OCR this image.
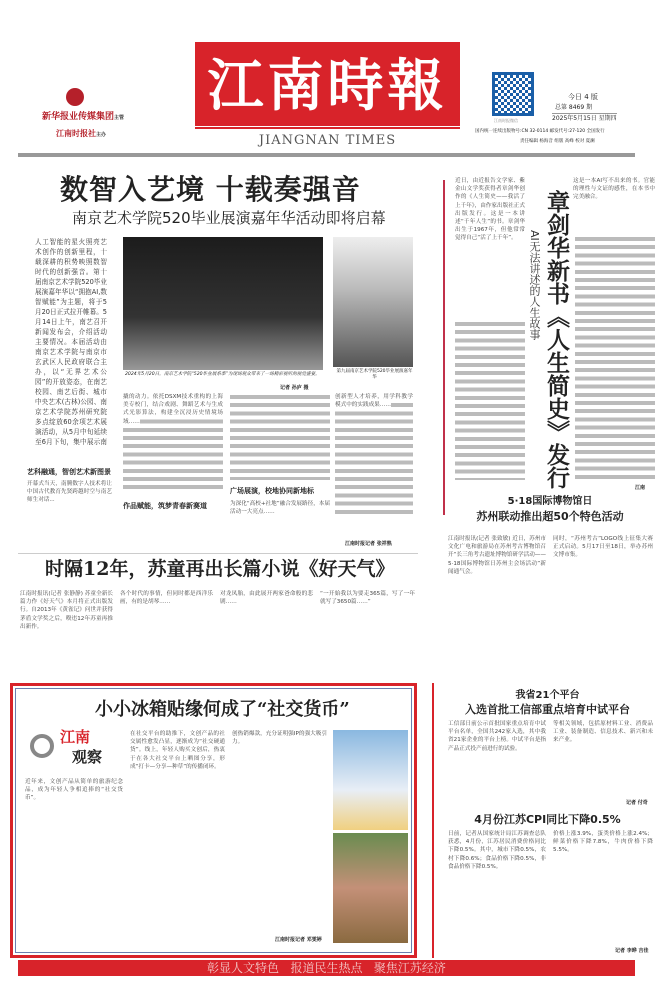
新华报业传媒集团主管
江南时报社主办
江南時報
JIANGNAN TIMES
江南时报微信
今日 4 版
总第 8469 期
2025年5月15日 星期四
国内统一连续出版物号:CN 32-0114 邮发代号:27-120 全国发行
责任编辑 杨海音 组版 高峰 校对 夏澜
数智入艺境 十载奏强音
南京艺术学院520毕业展演嘉年华活动即将启幕
人工智能的星火照亮艺术创作的创新里程，十载深耕的积势映照数智时代的创新强音。第十届南京艺术学院520毕业展演嘉年华以“拥抱AI,数智赋能”为主题，将于5月20日正式拉开帷幕。5月14日上午，南艺召开新闻发布会，介绍活动主要情况。本届活动由南京艺术学院与南京市玄武区人民政府联合主办，以“无界艺术公园”的开放姿态，在南艺校园、南艺后街、城市中央艺术(古林)公园、南京艺术学院苏州研究院多点绽放60余项艺术展演活动，从5月中旬延续至6月下旬，集中展示南
艺科融通，智创艺术新图景
开幕式当天，南腾数字人技术将让中国古代教育先贤跨越时空与南艺师生对话...
2024年5月20日，南京艺术学院“520毕业展系季”为现场观众带来了一场精彩视听的视觉盛宴。
记者 孙庐 摄
第九届南京艺术学院520毕业展演嘉年华
撬的动力。依托DSXM技术重构的上海美专校门，结合戏剧、舞蹈艺术与生成式光影算法，构建全沉浸历史情境场域……
作品赋能，筑梦青春新赛道
广场展演，校地协同新地标
为深化“高校+社地”融合发展路径，本届活动一大亮点……
创新型人才培养，用学科教学模式中的实践成果……
江南时报记者 张祥熟
近日，由近报告文学家、紫金山文学奖获得者章剑华创作的《人生简史——我活了上千年》，由作家出版社正式出版发行。这是一本讲述“千年人生”的书。章剑华出生于1967年，但他常常觉得自己“活了上千年”。	AI无法讲述的人生故事 章剑华新书《人生简史》发行
这是一本AI写不出来的书。官能的理性与文证的感性，在本书中完美融合。
江南
5·18国际博物馆日
苏州联动推出超50个特色活动
江南时报讯(记者 张致敏) 近日，苏州市文化广电和旅游局在苏州考古博物馆召开“长三角考古遗址博物馆研学活动——5·18国际博物馆日苏州主会场活动”新闻通气会。
同时，“苏州考古”LOGO线上征集大赛正式启动。5月17日至18日，举办苏州文博市集。
时隔12年，苏童再出长篇小说《好天气》
江南时报讯(记者 张静静) 苏童全新长篇力作《好天气》本月将正式出版发行。自2013年《黄雀记》问世并获得茅盾文学奖之后，暌违12年苏童再推出新作。
各个时代的事情，但同时都是西洋乐画，有的是胡琴……
对龙凤胎，由此展开两家爸命般的悲剧……
“一开始我以为要走365篇，写了一年就写了3650篇……”
小小冰箱贴缘何成了“社交货币”
江南
观察
近年来，文创产品从简单的旅游纪念品，成为年轻人争相追捧的“社交货币”。
在社交平台的助推下，文创产品的社交属性愈发凸显，逐渐成为“社交硬通货”。线上，年轻人购买文创后，热衷于在各大社交平台上晒图分享，形成“打卡—分享—种草”的传播闭环。
创热销爆款，充分证明强IP的强大吸引力。
江南时报记者 邓雯婷
我省21个平台
入选首批工信部重点培育中试平台
工信部日前公示首批国家重点培育中试平台名单，全国共242家入选，其中我省21家企业的平台上榜。中试平台是指产品正式投产前进行的试验。
等相关领域，包括原材料工业、消费品工业、装备制造、信息技术、新兴和未来产业。
记者 付奇
4月份江苏CPI同比下降0.5%
日前，记者从国家统计局江苏调查总队获悉，4月份，江苏居民消费价格同比下降0.5%。其中，城市下降0.5%，农村下降0.6%；食品价格下降0.5%，非食品价格下降0.5%。
价格上涨3.9%，蛋类价格上涨2.4%；鲜菜价格下降7.8%，牛肉价格下降5.5%。
记者 李晔 吉佳
彰显人文特色   报道民生热点   聚焦江苏经济
